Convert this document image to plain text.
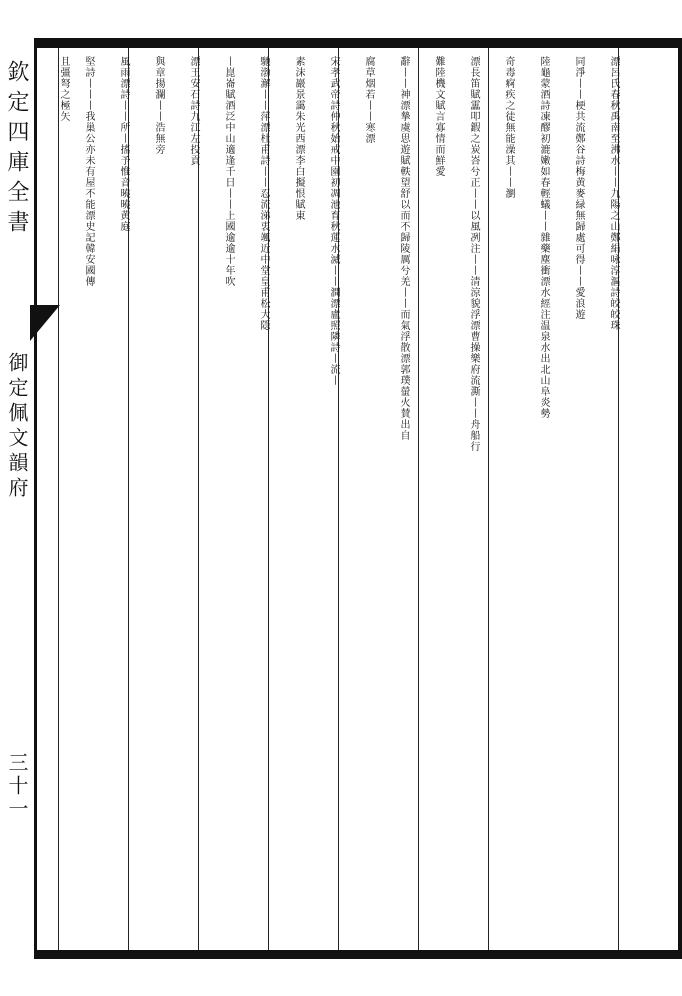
欽定四庫全書
御定佩文韻府
三十一
漂呂氏春秋禹南至沸水丨丨九陽之山鄭絹咏淳漚詩皎皎珠
同淨丨丨梗共流鄭谷詩梅黄麥緑無歸處可得丨丨愛浪遊
陸龜蒙酒詩凍醪初漉嫩如春輕蟻丨丨雜藥塵衝漂水經注温泉水出北山阜炎勢
奇毒痾疾之徒無能澡其丨丨瀏
漂長笛賦靁叩鍜之炭峇兮正丨丨以風冽注丨丨清涼貌浮漂曹操樂府流澌丨丨舟船行
難陸機文賦言寡情而鮮愛
辭丨丨神漂摯虞思遊賦軼望舒以而不歸陵厲兮羌丨丨而氣浮散漂郭璞螢火賛出自
腐草烟若丨丨寒漂
宋孝武帝詩仲秋始戒中園初凋池育秋蓮水滅丨丨澗漂盧照隣詩丨流丨
素沫巖景靄朱光西漂李白擬恨賦東
馳渤澥丨丨萍漂杜甫詩丨丨忍流涕衷颯近中堂皇甫松大隠
丨崑崙賦酒泛中山適逢千日丨丨上國逾逾十年吹
漂王安石詩九江左投貢
與章揚瀾丨丨浩無旁
風雨漂詩丨丨所丨搖予惟音曉曉黄庭
堅詩丨丨丨我巢公亦未有屋不能漂史記韓安國傳
且彊弩之極矢
